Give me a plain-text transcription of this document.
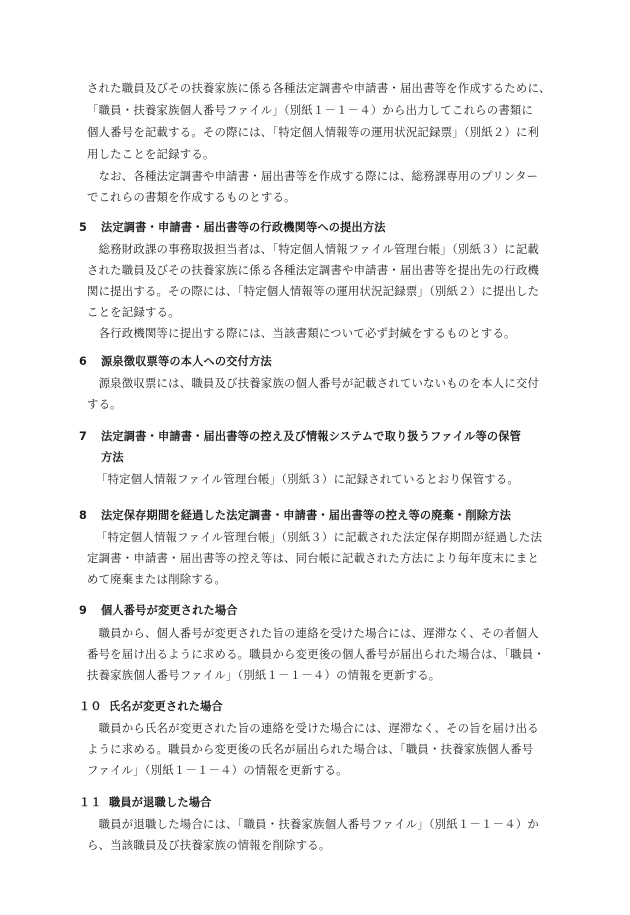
された職員及びその扶養家族に係る各種法定調書や申請書・届出書等を作成するために、
「職員・扶養家族個人番号ファイル」（別紙１－１－４）から出力してこれらの書類に
個人番号を記載する。その際には、「特定個人情報等の運用状況記録票」（別紙２）に利
用したことを記録する。
　なお、各種法定調書や申請書・届出書等を作成する際には、総務課専用のプリンター
でこれらの書類を作成するものとする。
5 法定調書・申請書・届出書等の行政機関等への提出方法
　総務財政課の事務取扱担当者は、「特定個人情報ファイル管理台帳」（別紙３）に記載
された職員及びその扶養家族に係る各種法定調書や申請書・届出書等を提出先の行政機
関に提出する。その際には、「特定個人情報等の運用状況記録票」（別紙２）に提出した
ことを記録する。
　各行政機関等に提出する際には、当該書類について必ず封緘をするものとする。
6 源泉徴収票等の本人への交付方法
　源泉徴収票には、職員及び扶養家族の個人番号が記載されていないものを本人に交付
する。
7 法定調書・申請書・届出書等の控え及び情報システムで取り扱うファイル等の保管
方法
「特定個人情報ファイル管理台帳」（別紙３）に記録されているとおり保管する。
8 法定保存期間を経過した法定調書・申請書・届出書等の控え等の廃棄・削除方法
「特定個人情報ファイル管理台帳」（別紙３）に記載された法定保存期間が経過した法
定調書・申請書・届出書等の控え等は、同台帳に記載された方法により毎年度末にまと
めて廃棄または削除する。
9 個人番号が変更された場合
　職員から、個人番号が変更された旨の連絡を受けた場合には、遅滞なく、その者個人
番号を届け出るように求める。職員から変更後の個人番号が届出られた場合は、「職員・
扶養家族個人番号ファイル」（別紙１－１－４）の情報を更新する。
１０ 氏名が変更された場合
　職員から氏名が変更された旨の連絡を受けた場合には、遅滞なく、その旨を届け出る
ように求める。職員から変更後の氏名が届出られた場合は、「職員・扶養家族個人番号
ファイル」（別紙１－１－４）の情報を更新する。
１１ 職員が退職した場合
　職員が退職した場合には、「職員・扶養家族個人番号ファイル」（別紙１－１－４）か
ら、当該職員及び扶養家族の情報を削除する。
